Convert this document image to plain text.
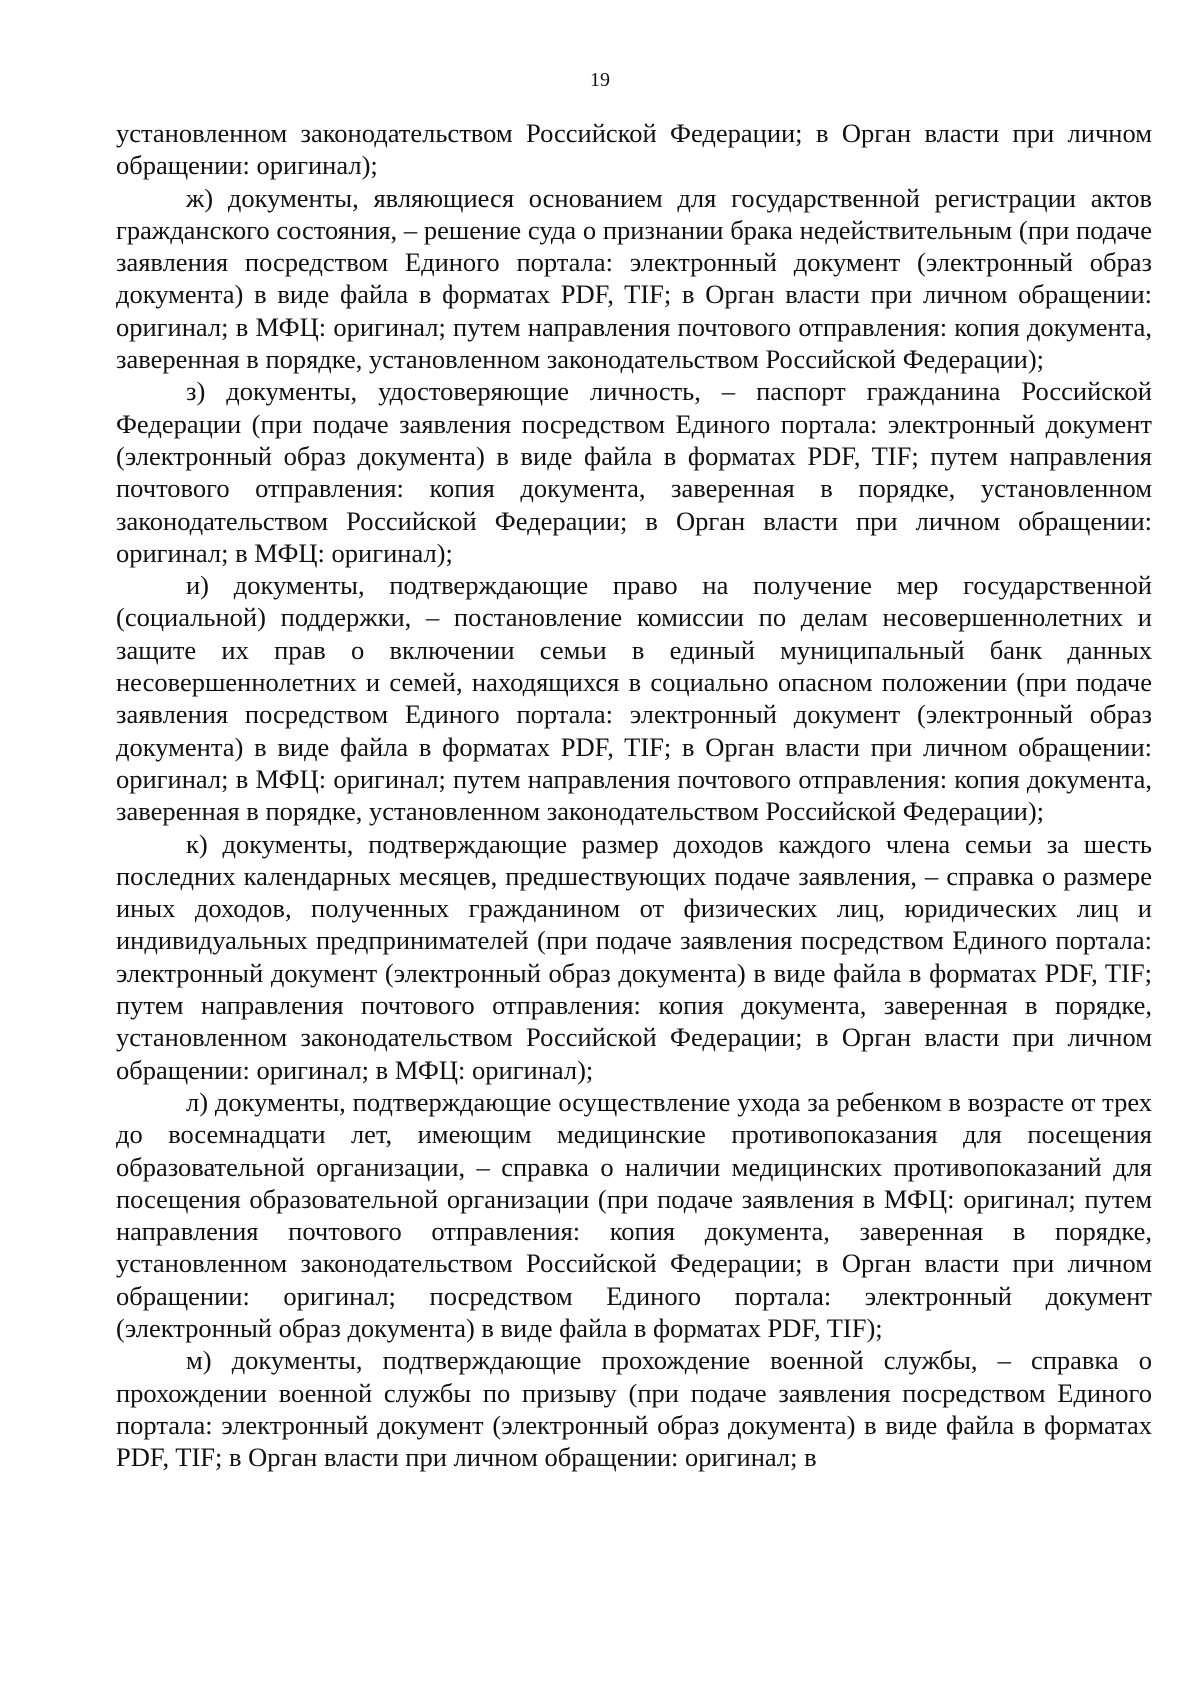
19

установленном законодательством Российской Федерации; в Орган власти при личном обращении: оригинал);

ж) документы, являющиеся основанием для государственной регистрации актов гражданского состояния, – решение суда о признании брака недействительным (при подаче заявления посредством Единого портала: электронный документ (электронный образ документа) в виде файла в форматах PDF, TIF; в Орган власти при личном обращении: оригинал; в МФЦ: оригинал; путем направления почтового отправления: копия документа, заверенная в порядке, установленном законодательством Российской Федерации);

з) документы, удостоверяющие личность, – паспорт гражданина Российской Федерации (при подаче заявления посредством Единого портала: электронный документ (электронный образ документа) в виде файла в форматах PDF, TIF; путем направления почтового отправления: копия документа, заверенная в порядке, установленном законодательством Российской Федерации; в Орган власти при личном обращении: оригинал; в МФЦ: оригинал);

и) документы, подтверждающие право на получение мер государственной (социальной) поддержки, – постановление комиссии по делам несовершеннолетних и защите их прав о включении семьи в единый муниципальный банк данных несовершеннолетних и семей, находящихся в социально опасном положении (при подаче заявления посредством Единого портала: электронный документ (электронный образ документа) в виде файла в форматах PDF, TIF; в Орган власти при личном обращении: оригинал; в МФЦ: оригинал; путем направления почтового отправления: копия документа, заверенная в порядке, установленном законодательством Российской Федерации);

к) документы, подтверждающие размер доходов каждого члена семьи за шесть последних календарных месяцев, предшествующих подаче заявления, – справка о размере иных доходов, полученных гражданином от физических лиц, юридических лиц и индивидуальных предпринимателей (при подаче заявления посредством Единого портала: электронный документ (электронный образ документа) в виде файла в форматах PDF, TIF; путем направления почтового отправления: копия документа, заверенная в порядке, установленном законодательством Российской Федерации; в Орган власти при личном обращении: оригинал; в МФЦ: оригинал);

л) документы, подтверждающие осуществление ухода за ребенком в возрасте от трех до восемнадцати лет, имеющим медицинские противопоказания для посещения образовательной организации, – справка о наличии медицинских противопоказаний для посещения образовательной организации (при подаче заявления в МФЦ: оригинал; путем направления почтового отправления: копия документа, заверенная в порядке, установленном законодательством Российской Федерации; в Орган власти при личном обращении: оригинал; посредством Единого портала: электронный документ (электронный образ документа) в виде файла в форматах PDF, TIF);

м) документы, подтверждающие прохождение военной службы, – справка о прохождении военной службы по призыву (при подаче заявления посредством Единого портала: электронный документ (электронный образ документа) в виде файла в форматах PDF, TIF; в Орган власти при личном обращении: оригинал; в
